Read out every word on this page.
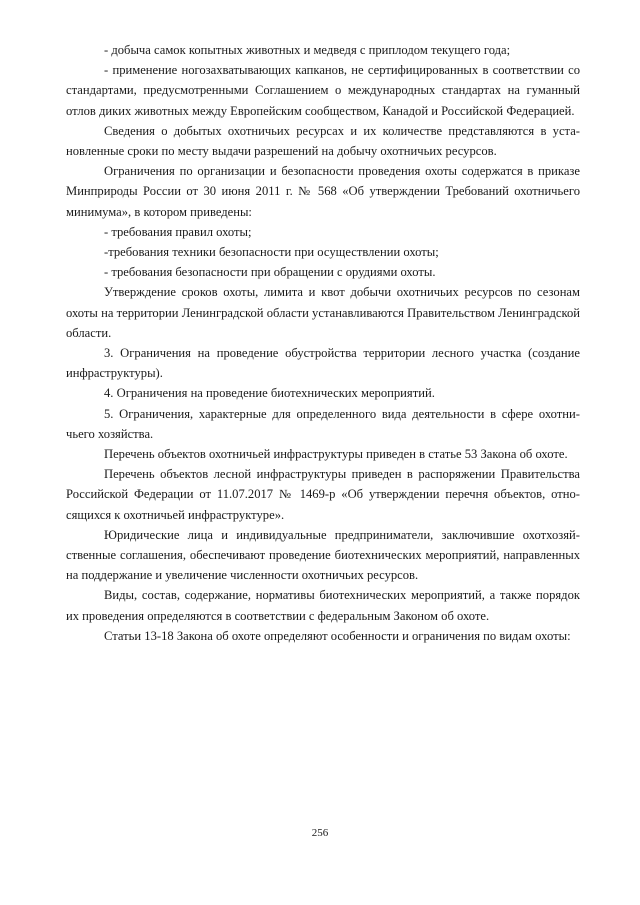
- добыча самок копытных животных и медведя с приплодом текущего года;

- применение ногозахватывающих капканов, не сертифицированных в соответствии со стандартами, предусмотренными Соглашением о международных стандартах на гуманный отлов диких животных между Европейским сообществом, Канадой и Российской Федерацией.

Сведения о добытых охотничьих ресурсах и их количестве представляются в установленные сроки по месту выдачи разрешений на добычу охотничьих ресурсов.

Ограничения по организации и безопасности проведения охоты содержатся в приказе Минприроды России от 30 июня 2011 г. № 568 «Об утверждении Требований охотничьего минимума», в котором приведены:

- требования правил охоты;

-требования техники безопасности при осуществлении охоты;

- требования безопасности при обращении с орудиями охоты.

Утверждение сроков охоты, лимита и квот добычи охотничьих ресурсов по сезонам охоты на территории Ленинградской области устанавливаются Правительством Ленинградской области.

3. Ограничения на проведение обустройства территории лесного участка (создание инфраструктуры).

4. Ограничения на проведение биотехнических мероприятий.

5. Ограничения, характерные для определенного вида деятельности в сфере охотничьего хозяйства.

Перечень объектов охотничьей инфраструктуры приведен в статье 53 Закона об охоте.

Перечень объектов лесной инфраструктуры приведен в распоряжении Правительства Российской Федерации от 11.07.2017 № 1469-р «Об утверждении перечня объектов, относящихся к охотничьей инфраструктуре».

Юридические лица и индивидуальные предприниматели, заключившие охотхозяйственные соглашения, обеспечивают проведение биотехнических мероприятий, направленных на поддержание и увеличение численности охотничьих ресурсов.

Виды, состав, содержание, нормативы биотехнических мероприятий, а также порядок их проведения определяются в соответствии с федеральным Законом об охоте.

Статьи 13-18 Закона об охоте определяют особенности и ограничения по видам охоты:

256
